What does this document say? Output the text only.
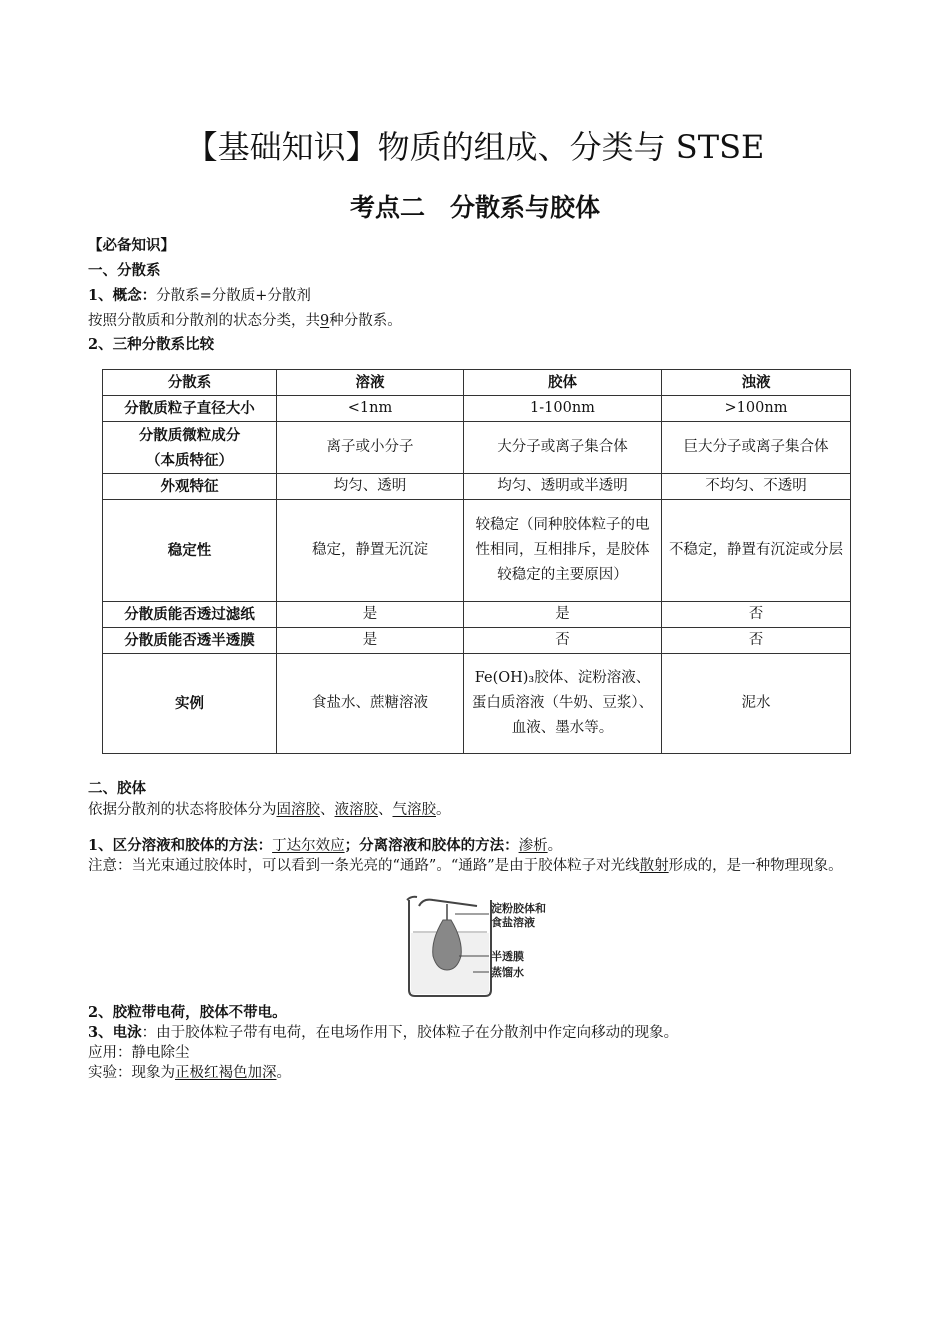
【基础知识】物质的组成、分类与 STSE
考点二　分散系与胶体
【必备知识】
一、分散系
1、概念：分散系=分散质+分散剂
按照分散质和分散剂的状态分类，共9种分散系。
2、三种分散系比较
分散系	溶液	胶体	浊液
分散质粒子直径大小	<1nm	1-100nm	>100nm

分散质微粒成分
（本质特征）	离子或小分子	大分子或离子集合体	巨大分子或离子集合体
外观特征	均匀、透明	均匀、透明或半透明	不均匀、不透明
稳定性	稳定，静置无沉淀	较稳定（同种胶体粒子的电性相同，互相排斥，是胶体较稳定的主要原因）	不稳定，静置有沉淀或分层
分散质能否透过滤纸	是	是	否
分散质能否透半透膜	是	否	否
实例	食盐水、蔗糖溶液	Fe(OH)₃胶体、淀粉溶液、蛋白质溶液（牛奶、豆浆）、血液、墨水等。	泥水
二、胶体
依据分散剂的状态将胶体分为固溶胶、液溶胶、气溶胶。
1、区分溶液和胶体的方法：丁达尔效应；分离溶液和胶体的方法：渗析。
注意：当光束通过胶体时，可以看到一条光亮的“通路”。“通路”是由于胶体粒子对光线散射形成的，是一种物理现象。
淀粉胶体和
食盐溶液
半透膜
蒸馏水
2、胶粒带电荷，胶体不带电。
3、电泳：由于胶体粒子带有电荷，在电场作用下，胶体粒子在分散剂中作定向移动的现象。
应用：静电除尘
实验：现象为正极红褐色加深。
